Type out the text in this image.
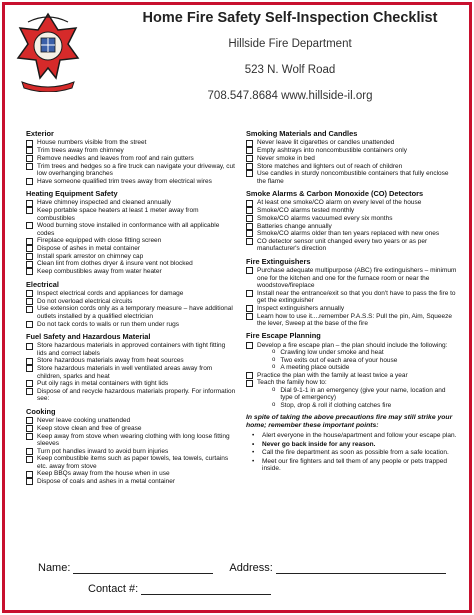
Home Fire Safety Self-Inspection Checklist
Hillside Fire Department
523 N. Wolf Road
708.547.8684 www.hillside-il.org
Exterior
House numbers visible from the street
Trim trees away from chimney
Remove needles and leaves from roof and rain gutters
Trim trees and hedges so a fire truck can navigate your driveway, cut low overhanging branches
Have someone qualified trim trees away from electrical wires
Heating Equipment Safety
Have chimney inspected and cleaned annually
Keep portable space heaters at least 1 meter away from combustibles
Wood burning stove installed in conformance with all applicable codes
Fireplace equipped with close fitting screen
Dispose of ashes in metal container
Install spark arrestor on chimney cap
Clean lint from clothes dryer & insure vent not blocked
Keep combustibles away from water heater
Electrical
Inspect electrical cords and appliances for damage
Do not overload electrical circuits
Use extension cords only as a temporary measure – have additional outlets installed by a qualified electrician
Do not tack cords to walls or run them under rugs
Fuel Safety and Hazardous Material
Store hazardous materials in approved containers with tight fitting lids and correct labels
Store hazardous materials away from heat sources
Store hazardous materials in well ventilated areas away from children, sparks and heat
Put oily rags in metal containers with tight lids
Dispose of and recycle hazardous materials properly. For information see:
Cooking
Never leave cooking unattended
Keep stove clean and free of grease
Keep away from stove when wearing clothing with long loose fitting sleeves
Turn pot handles inward to avoid burn injuries
Keep combustible items such as paper towels, tea towels, curtains etc. away from stove
Keep BBQs away from the house when in use
Dispose of coals and ashes in a metal container
Smoking Materials and Candles
Never leave lit cigarettes or candles unattended
Empty ashtrays into noncombustible containers only
Never smoke in bed
Store matches and lighters out of reach of children
Use candles in sturdy noncombustible containers that fully enclose the flame
Smoke Alarms & Carbon Monoxide (CO) Detectors
At least one smoke/CO alarm on every level of the house
Smoke/CO alarms tested monthly
Smoke/CO alarms vacuumed every six months
Batteries change annually
Smoke/CO alarms older than ten years replaced with new ones
CO detector sensor unit changed every two years or as per manufacturer's direction
Fire Extinguishers
Purchase adequate multipurpose (ABC) fire extinguishers – minimum one for the kitchen and one for the furnace room or near the woodstove/fireplace
Install near the entrance/exit so that you don't have to pass the fire to get the extinguisher
Inspect extinguishers annually
Learn how to use it....remember P.A.S.S: Pull the pin, Aim, Squeeze the lever, Sweep at the base of the fire
Fire Escape Planning
Develop a fire escape plan – the plan should include the following:
o Crawling low under smoke and heat
o Two exits out of each area of your house
o A meeting place outside
Practice the plan with the family at least twice a year
Teach the family how to:
o Dial 9-1-1 in an emergency (give your name, location and type of emergency)
o Stop, drop & roll if clothing catches fire
In spite of taking the above precautions fire may still strike your home; remember these important points:
•	Alert everyone in the house/apartment and follow your escape plan.
•	Never go back inside for any reason.
•	Call the fire department as soon as possible from a safe location.
•	Meet our fire fighters and tell them of any people or pets trapped inside.
Name:	Address:
Contact #:
